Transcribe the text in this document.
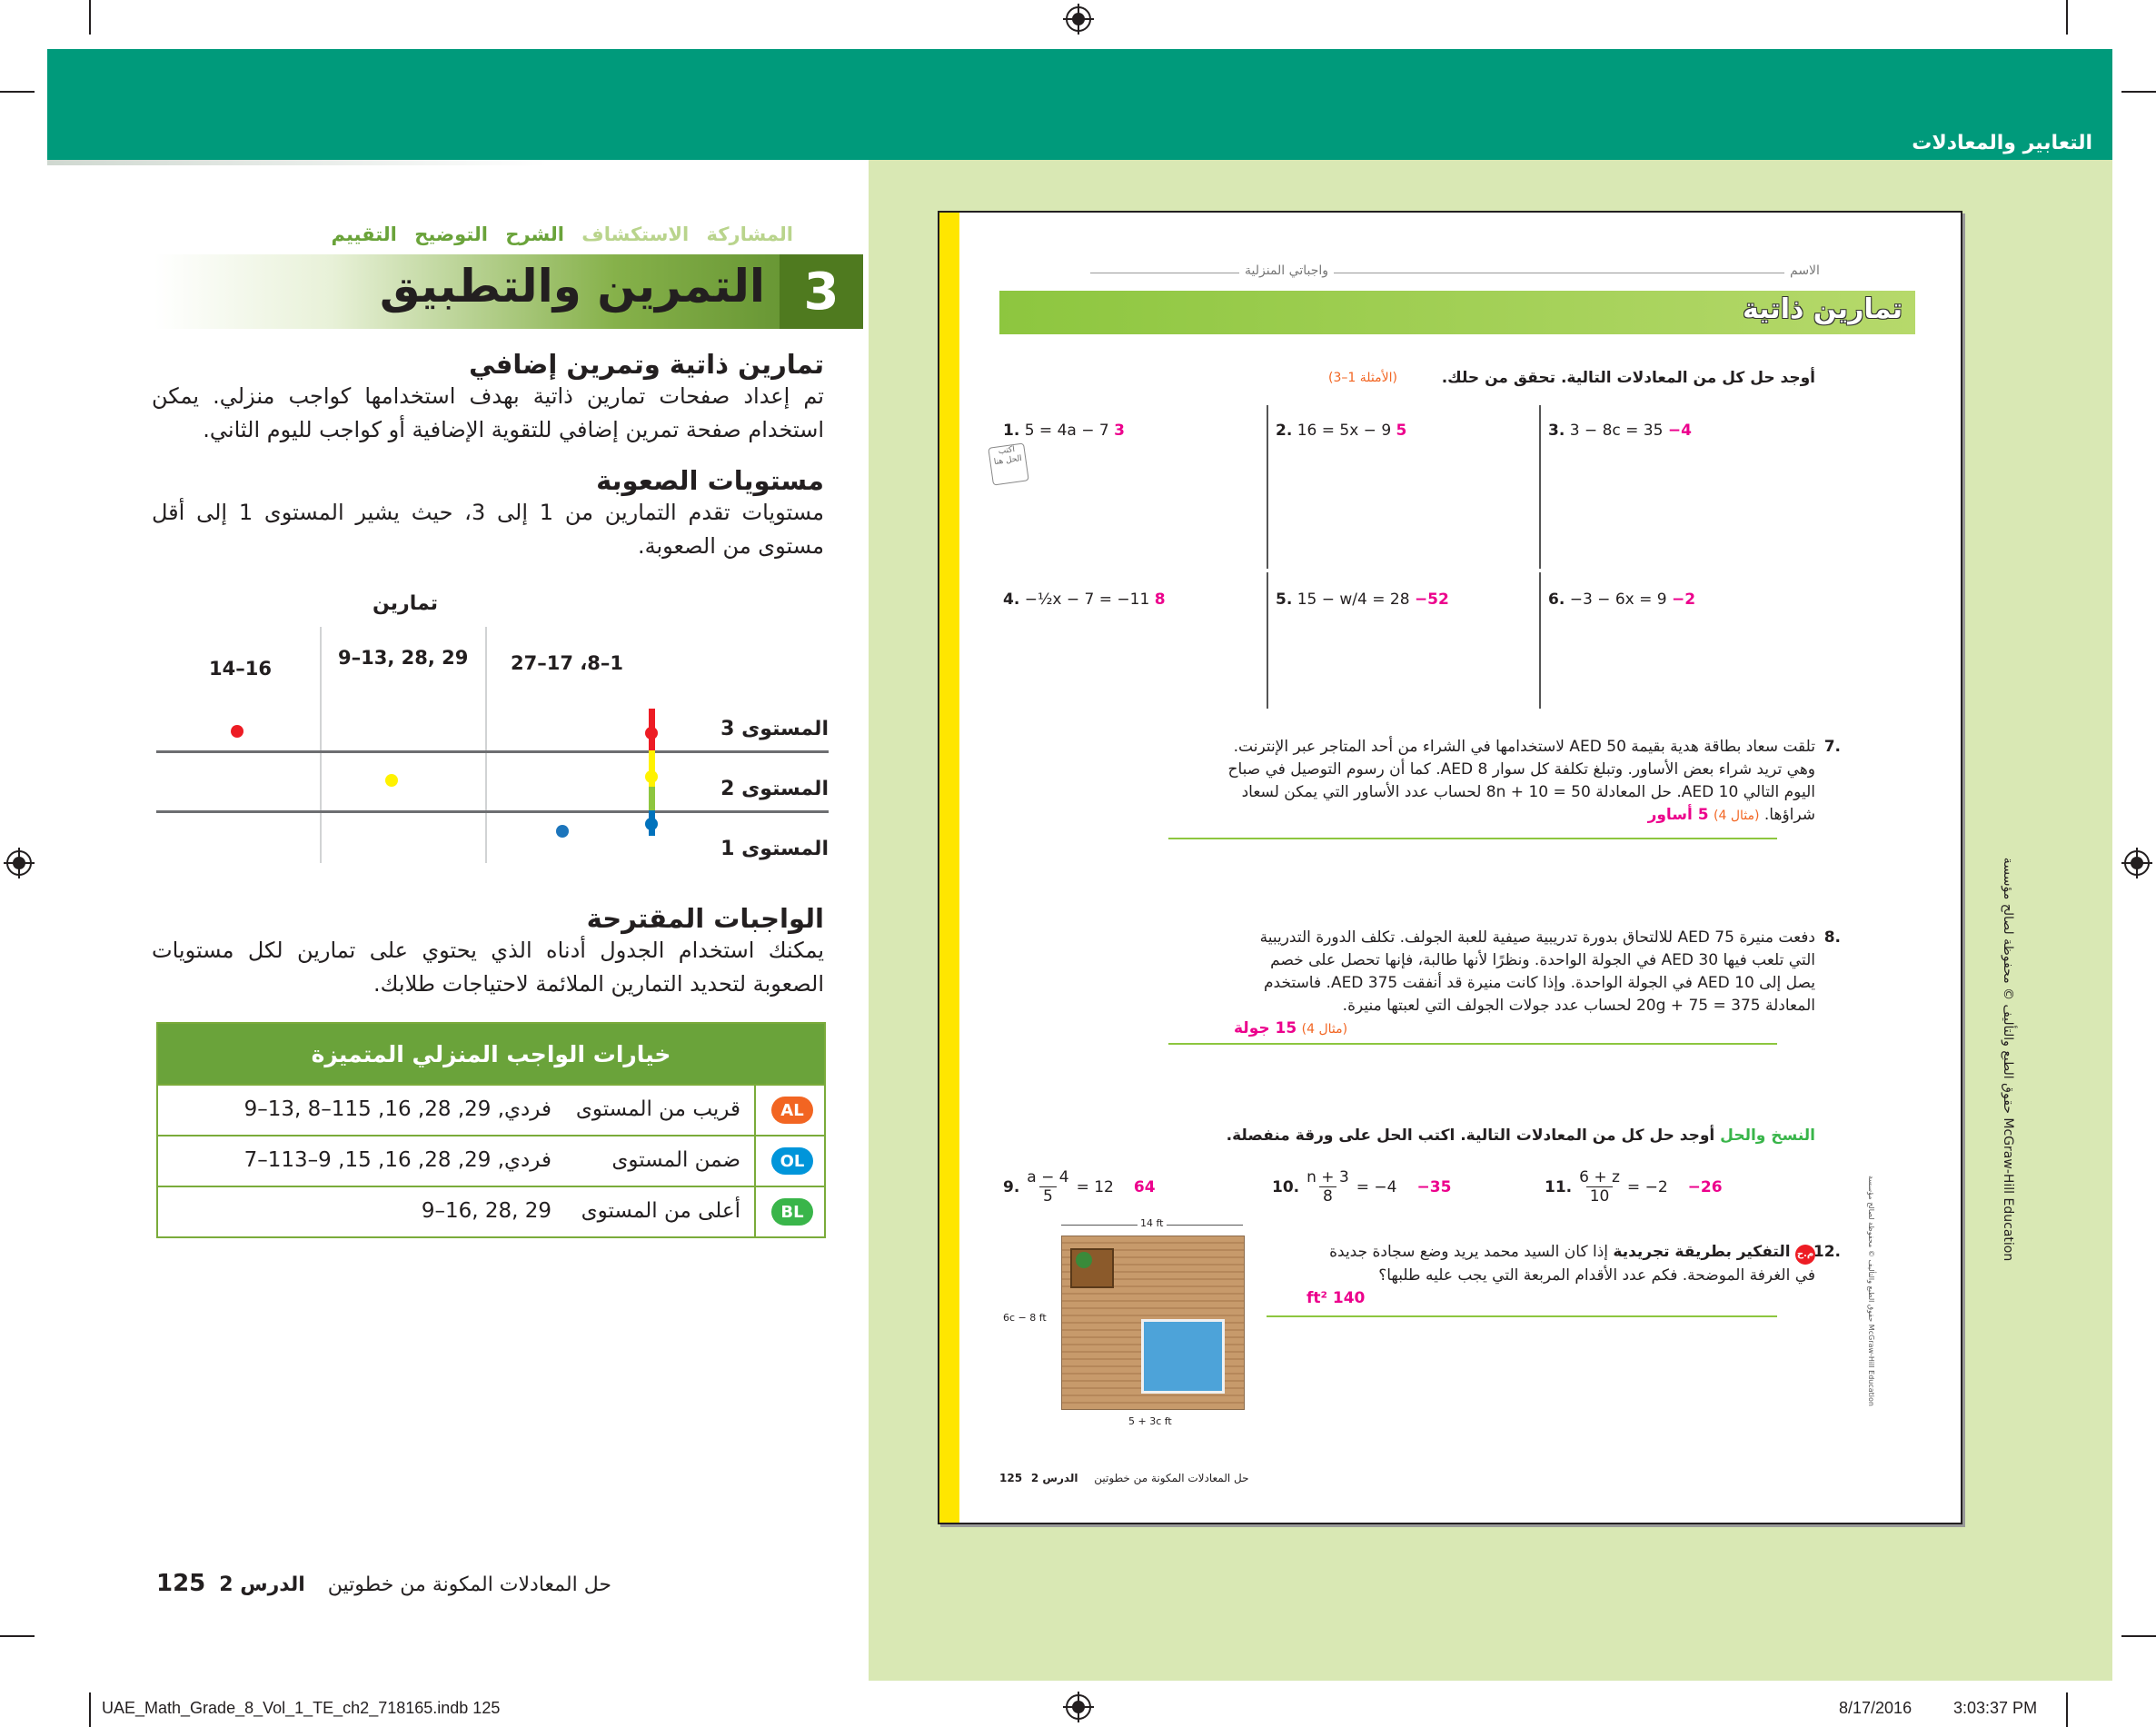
التعابير والمعادلات
المشاركة الاستكشاف الشرح التوضيح التقييم
3
التمرين والتطبيق
تمارين ذاتية وتمرين إضافي
تم إعداد صفحات تمارين ذاتية بهدف استخدامها كواجب منزلي. يمكن استخدام صفحة تمرين إضافي للتقوية الإضافية أو كواجب لليوم الثاني.
مستويات الصعوبة
مستويات تقدم التمارين من 1 إلى 3، حيث يشير المستوى 1 إلى أقل مستوى من الصعوبة.
تمارين
1–8، 17–27
9–13, 28, 29
14–16
المستوى 3
المستوى 2
المستوى 1
الواجبات المقترحة
يمكنك استخدام الجدول أدناه الذي يحتوي على تمارين لكل مستويات الصعوبة لتحديد التمارين الملائمة لاحتياجات طلابك.
خيارات الواجب المنزلي المتميزة
AL
قريب من المستوى
9–13, 8–1فردي, 29, 28, 16, 15
OL
ضمن المستوى
7–1فردي, 29, 28, 16, 15, 9–13
BL
أعلى من المستوى
9–16, 28, 29
125	حل المعادلات المكونة من خطوتين الدرس 2
الاسم
واجباتي المنزلية
تمارين ذاتية
أوجد حل كل من المعادلات التالية. تحقق من حلك.
(الأمثلة 1–3)
اكتب الحل هنا
1. 5 = 4a − 7 3	2. 16 = 5x − 9 5	3. 3 − 8c = 35 −4
4. −½x − 7 = −11 8	5. 15 − w/4 = 28 −52	6. −3 − 6x = 9 −2
7.
تلقت سعاد بطاقة هدية بقيمة AED 50 لاستخدامها في الشراء من أحد المتاجر عبر الإنترنت.
وهي تريد شراء بعض الأساور. وتبلغ تكلفة كل سوار AED 8. كما أن رسوم التوصيل في صباح
اليوم التالي AED 10. حل المعادلة 50 = 10 + 8n لحساب عدد الأساور التي يمكن لسعاد
شراؤها. (مثال 4) 5 أساور
8.
دفعت منيرة AED 75 للالتحاق بدورة تدريبية صيفية للعبة الجولف. تكلف الدورة التدريبية
التي تلعب فيها AED 30 في الجولة الواحدة. ونظرًا لأنها طالبة، فإنها تحصل على خصم
يصل إلى AED 10 في الجولة الواحدة. وإذا كانت منيرة قد أنفقت AED 375. فاستخدم
المعادلة 375 = 20g + 75 لحساب عدد جولات الجولف التي لعبتها منيرة.
(مثال 4) 15 جولة
النسخ والحل أوجد حل كل من المعادلات التالية. اكتب الحل على ورقة منفصلة.
9. $\frac{a - 4}{5} = 12$ 64	10. $\frac{n + 3}{8} = -4 -35$	11. $\frac{6 + z}{10} = -2 -26$
14 ft
6c − 8 ft
5 + 3c ft
12.
م.ح التفكير بطريقة تجريدية إذا كان السيد محمد يريد وضع سجادة جديدة
في الغرفة الموضحة. فكم عدد الأقدام المربعة التي يجب عليه طلبها؟
140 ft²	حقوق الطبع والتأليف © محفوظة لصالح مؤسسة McGraw-Hill Education
125	حل المعادلات المكونة من خطوتين الدرس 2
حقوق الطبع والتأليف © محفوظة لصالح مؤسسة McGraw-Hill Education
UAE_Math_Grade_8_Vol_1_TE_ch2_718165.indb 125	8/17/2016	3:03:37 PM
